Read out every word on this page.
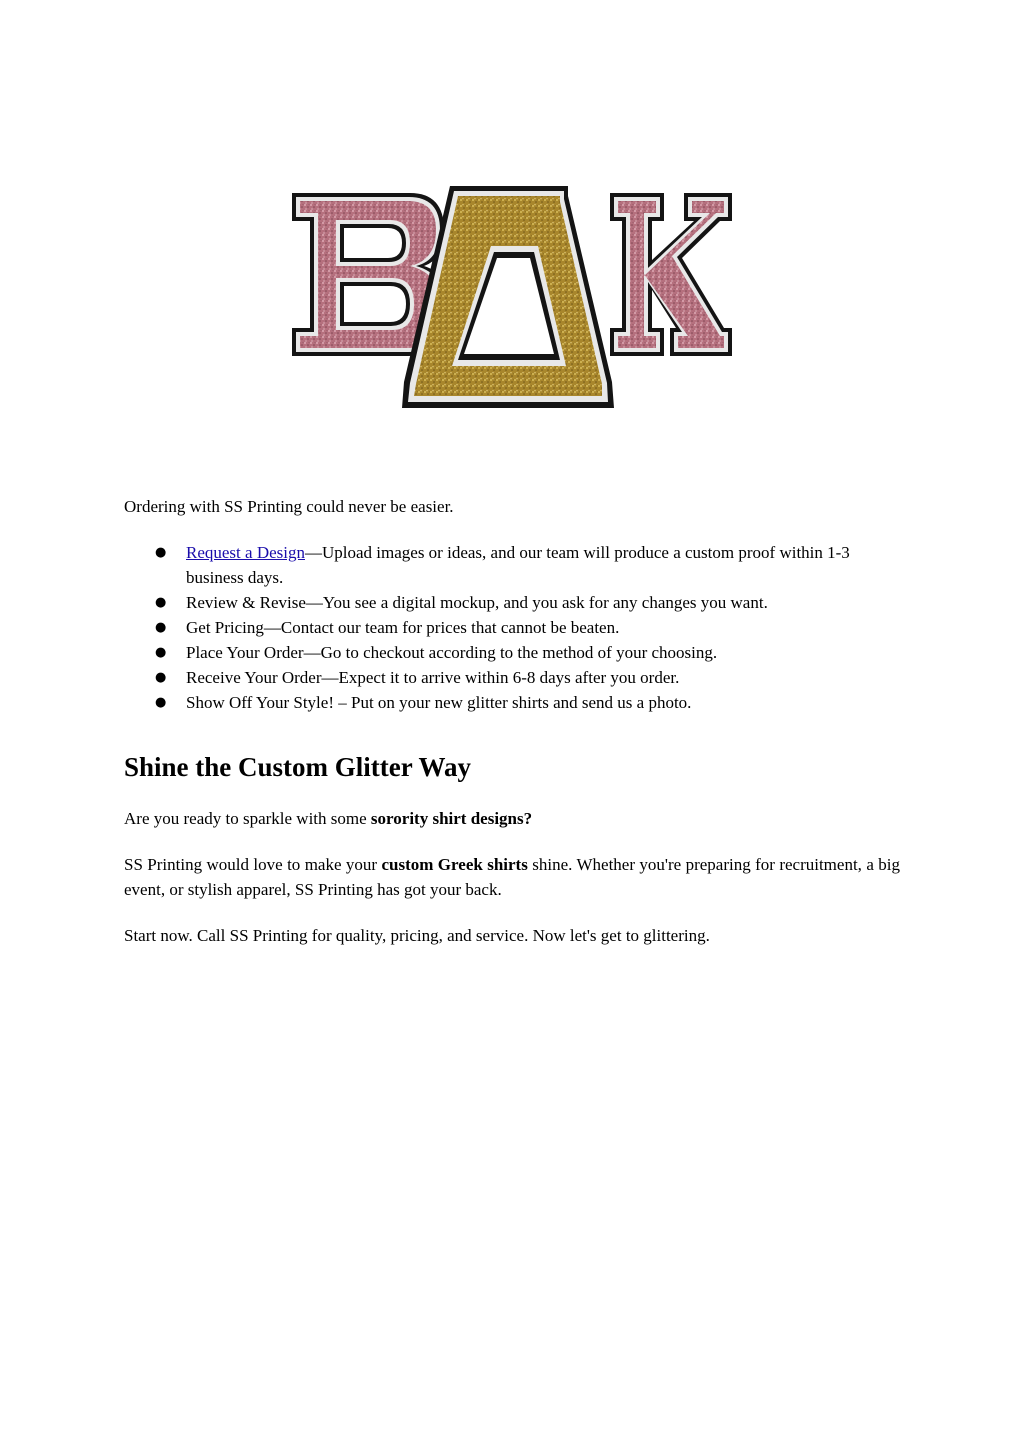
Ordering with SS Printing could never be easier.

● Request a Design—Upload images or ideas, and our team will produce a custom proof within 1-3 business days.
● Review & Revise—You see a digital mockup, and you ask for any changes you want.
● Get Pricing—Contact our team for prices that cannot be beaten.
● Place Your Order—Go to checkout according to the method of your choosing.
● Receive Your Order—Expect it to arrive within 6-8 days after you order.
● Show Off Your Style! – Put on your new glitter shirts and send us a photo.
Shine the Custom Glitter Way

Are you ready to sparkle with some sorority shirt designs?

SS Printing would love to make your custom Greek shirts shine. Whether you're preparing for recruitment, a big event, or stylish apparel, SS Printing has got your back.

Start now. Call SS Printing for quality, pricing, and service. Now let's get to glittering.
